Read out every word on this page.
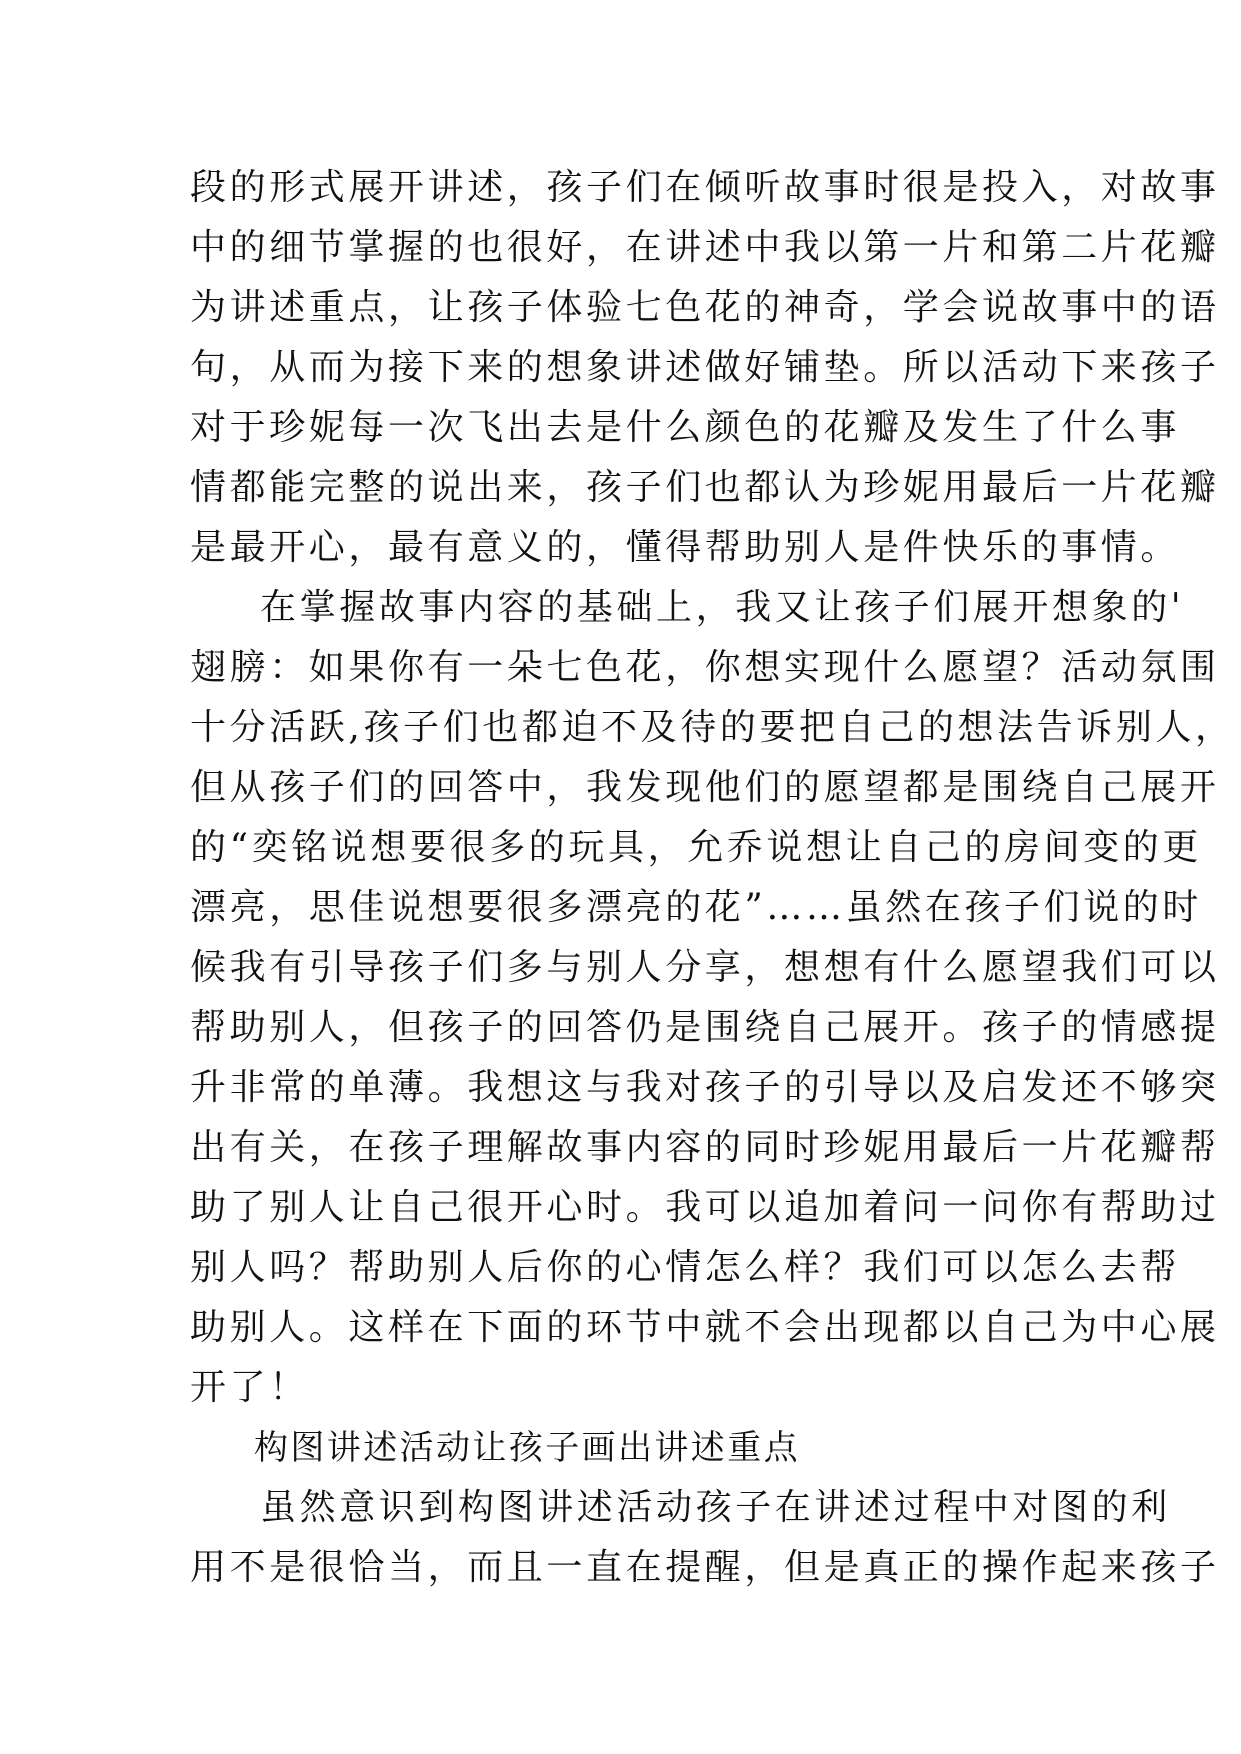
段的形式展开讲述，孩子们在倾听故事时很是投入，对故事
中的细节掌握的也很好，在讲述中我以第一片和第二片花瓣
为讲述重点，让孩子体验七色花的神奇，学会说故事中的语
句，从而为接下来的想象讲述做好铺垫。所以活动下来孩子
对于珍妮每一次飞出去是什么颜色的花瓣及发生了什么事
情都能完整的说出来，孩子们也都认为珍妮用最后一片花瓣
是最开心，最有意义的，懂得帮助别人是件快乐的事情。
在掌握故事内容的基础上，我又让孩子们展开想象的'
翅膀：如果你有一朵七色花，你想实现什么愿望？活动氛围
十分活跃,孩子们也都迫不及待的要把自己的想法告诉别人，
但从孩子们的回答中，我发现他们的愿望都是围绕自己展开
的“奕铭说想要很多的玩具，允乔说想让自己的房间变的更
漂亮，思佳说想要很多漂亮的花”……虽然在孩子们说的时
候我有引导孩子们多与别人分享，想想有什么愿望我们可以
帮助别人，但孩子的回答仍是围绕自己展开。孩子的情感提
升非常的单薄。我想这与我对孩子的引导以及启发还不够突
出有关，在孩子理解故事内容的同时珍妮用最后一片花瓣帮
助了别人让自己很开心时。我可以追加着问一问你有帮助过
别人吗？帮助别人后你的心情怎么样？我们可以怎么去帮
助别人。这样在下面的环节中就不会出现都以自己为中心展
开了！
构图讲述活动让孩子画出讲述重点
虽然意识到构图讲述活动孩子在讲述过程中对图的利
用不是很恰当，而且一直在提醒，但是真正的操作起来孩子
